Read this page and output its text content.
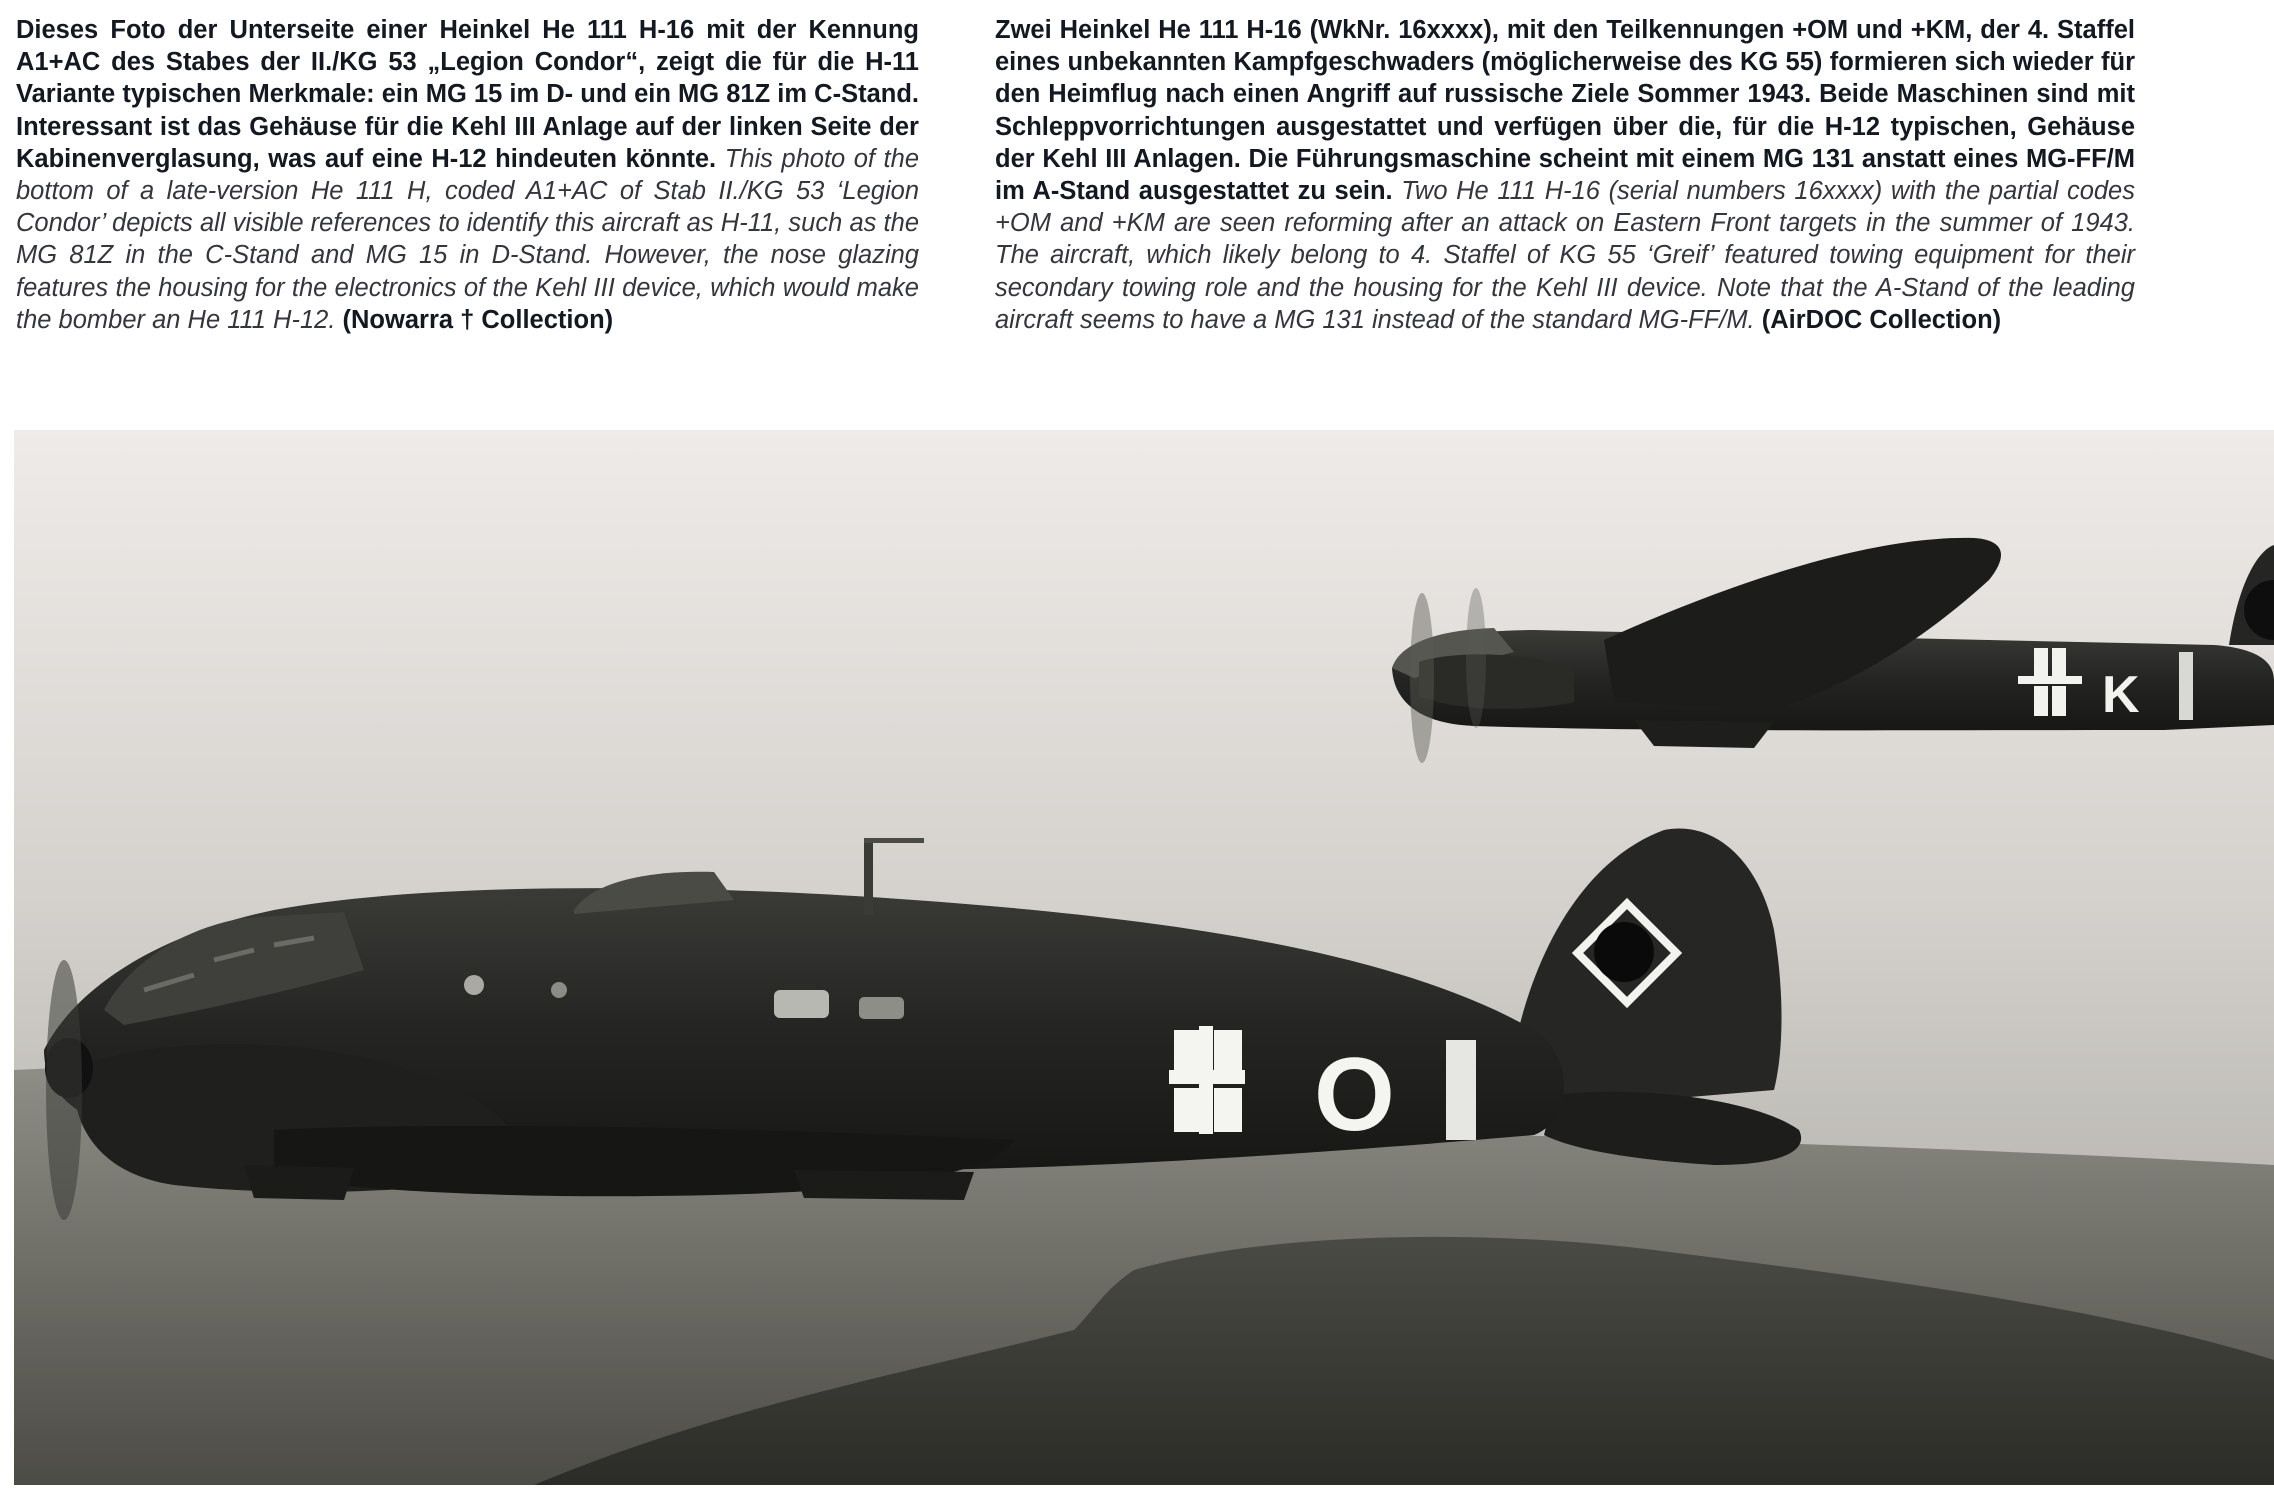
Dieses Foto der Unterseite einer Heinkel He 111 H-16 mit der Kennung A1+AC des Stabes der II./KG 53 „Legion Condor“, zeigt die für die H-11 Variante typischen Merkmale: ein MG 15 im D- und ein MG 81Z im C-Stand. Interessant ist das Gehäuse für die Kehl III Anlage auf der linken Seite der Kabinenverglasung, was auf eine H-12 hindeuten könnte. This photo of the bottom of a late-version He 111 H, coded A1+AC of Stab II./KG 53 ‘Legion Condor’ depicts all visible references to identify this aircraft as H-11, such as the MG 81Z in the C-Stand and MG 15 in D-Stand. However, the nose glazing features the housing for the electronics of the Kehl III device, which would make the bomber an He 111 H-12. (Nowarra † Collection)

Zwei Heinkel He 111 H-16 (WkNr. 16xxxx), mit den Teilkennungen +OM und +KM, der 4. Staffel eines unbekannten Kampfgeschwaders (möglicherweise des KG 55) formieren sich wieder für den Heimflug nach einen Angriff auf russische Ziele Sommer 1943. Beide Maschinen sind mit Schleppvorrichtungen ausgestattet und verfügen über die, für die H-12 typischen, Gehäuse der Kehl III Anlagen. Die Führungsmaschine scheint mit einem MG 131 anstatt eines MG-FF/M im A-Stand ausgestattet zu sein. Two He 111 H-16 (serial numbers 16xxxx) with the partial codes +OM and +KM are seen reforming after an attack on Eastern Front targets in the summer of 1943. The aircraft, which likely belong to 4. Staffel of KG 55 ‘Greif’ featured towing equipment for their secondary towing role and the housing for the Kehl III device. Note that the A-Stand of the leading aircraft seems to have a MG 131 instead of the standard MG-FF/M. (AirDOC Collection)

K
O
